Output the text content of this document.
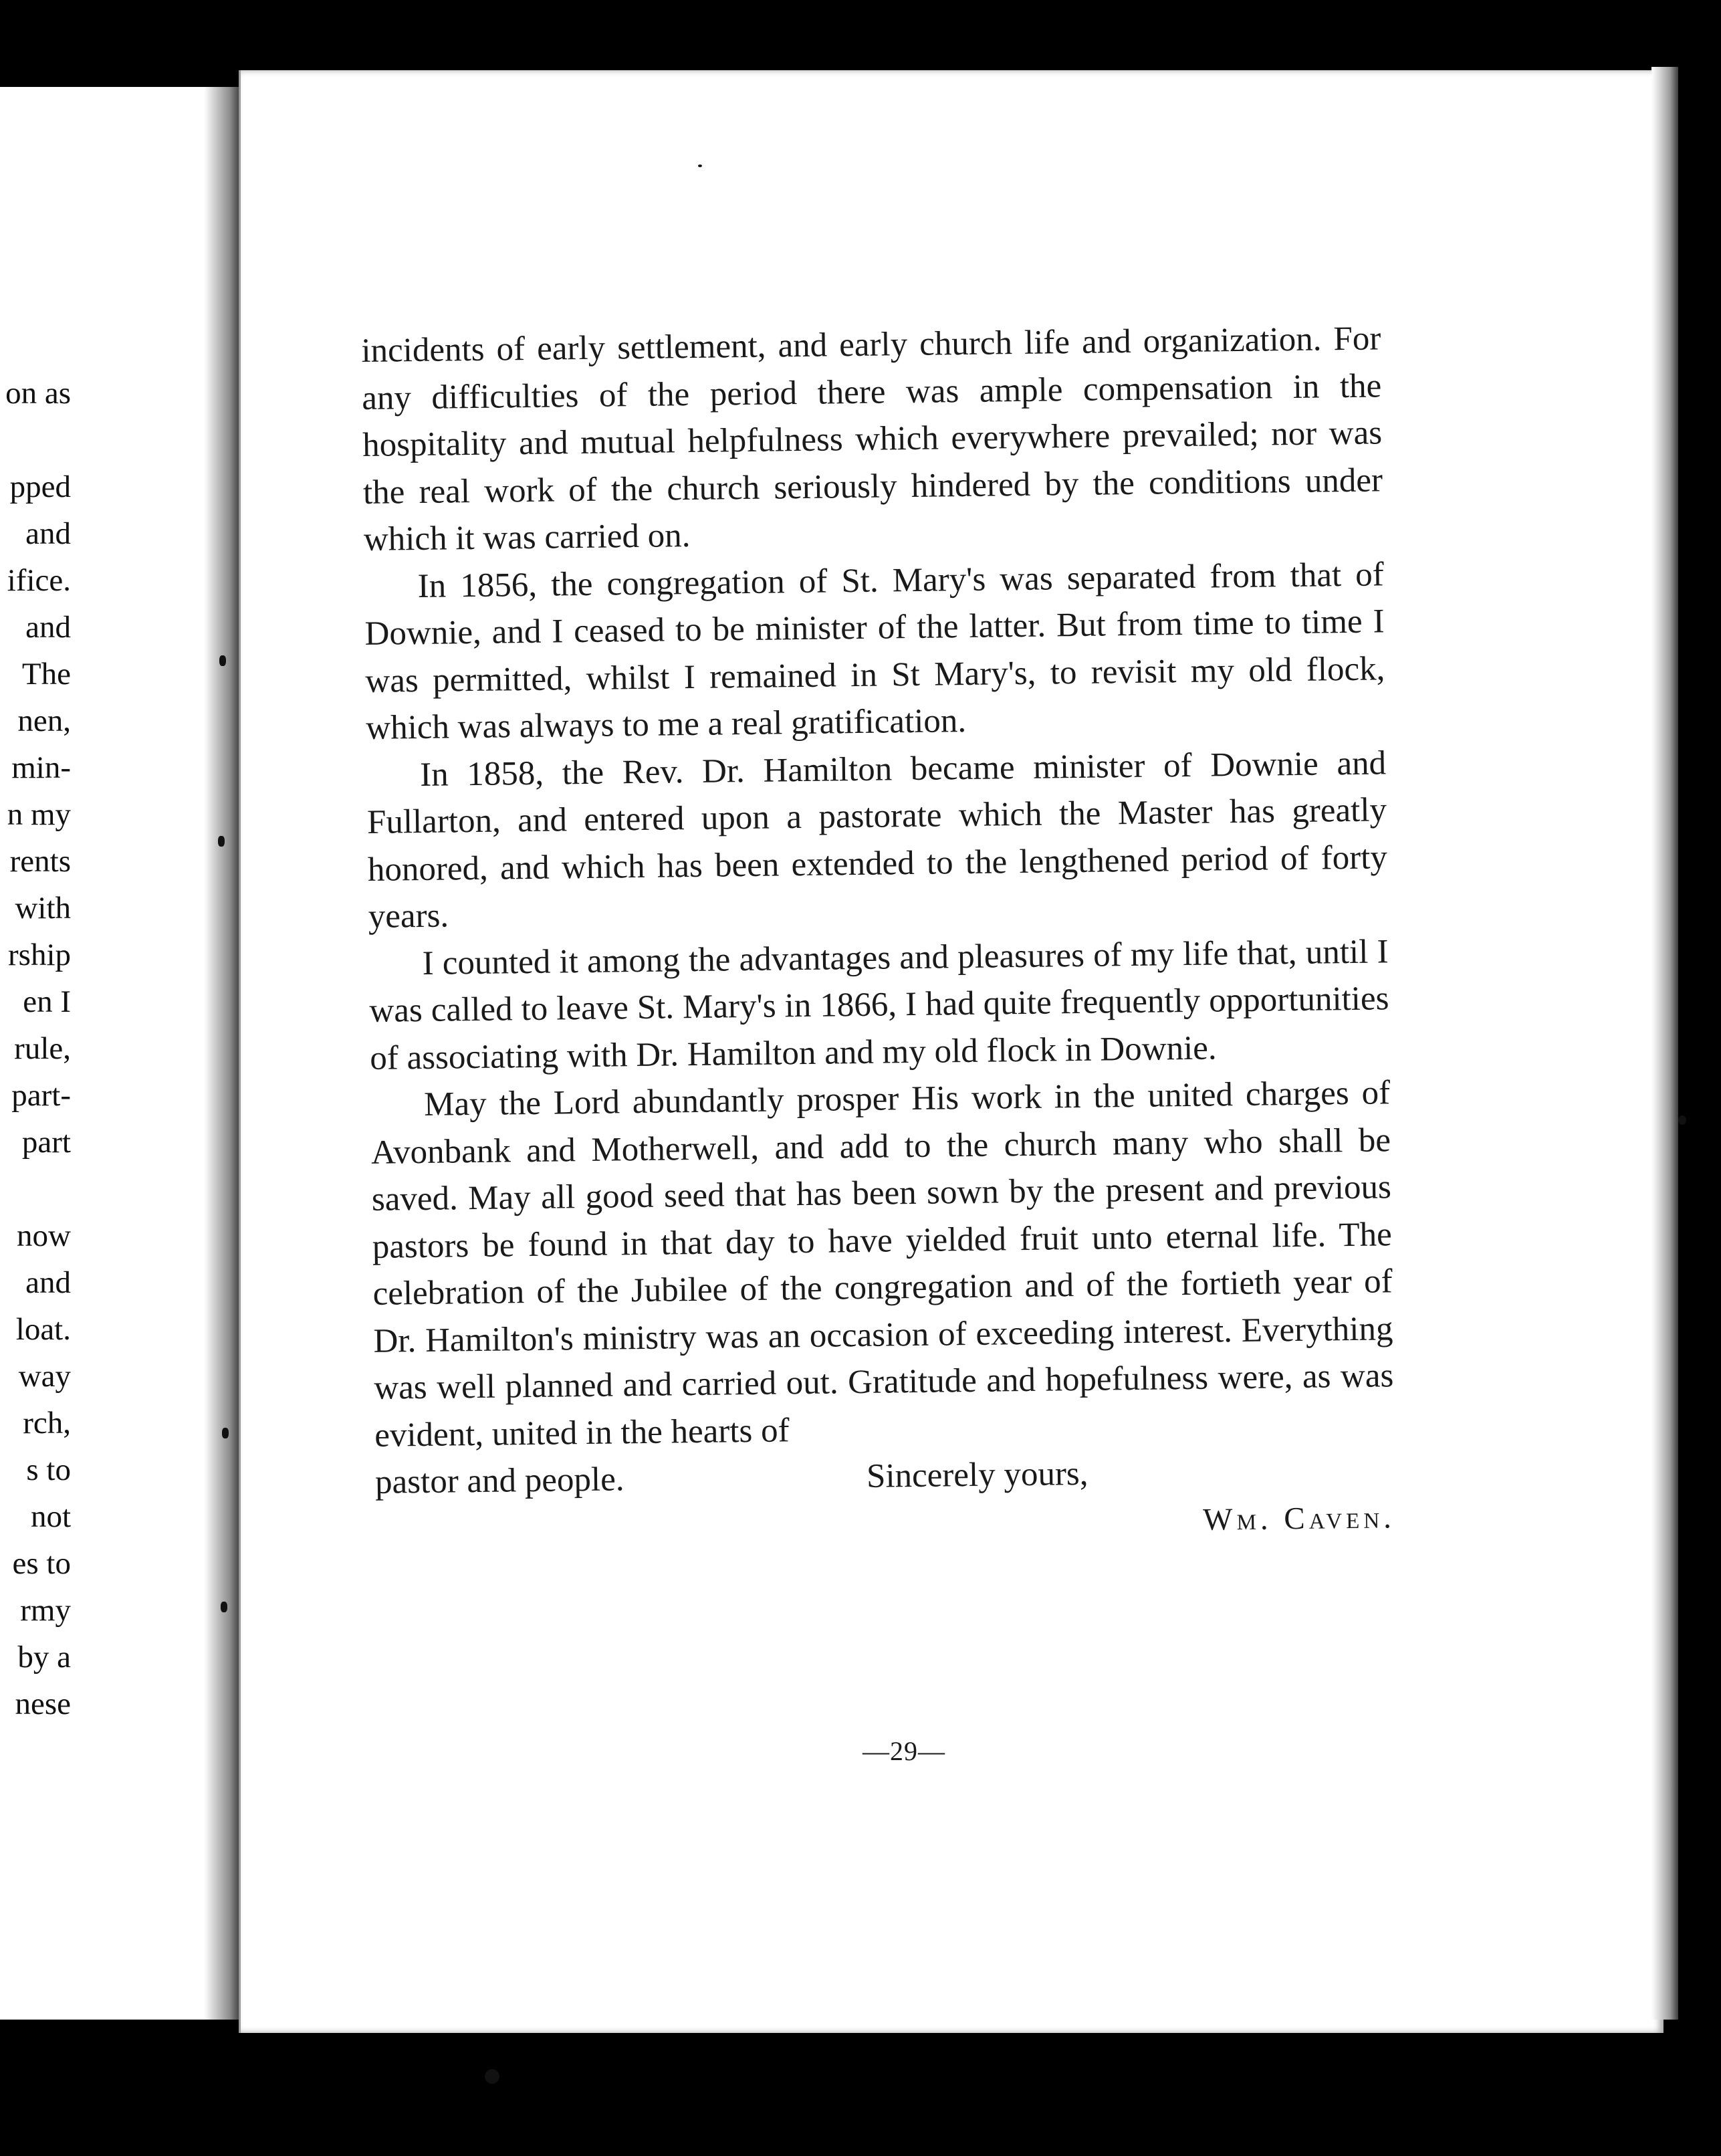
on as
pped
and
ifice.
and
The
nen,
min-
n my
rents
with
rship
en I
rule,
part-
part
now
and
loat.
way
rch,
s to
not
es to
rmy
by a
nese

incidents of early settlement, and early church life and organization. For any difficulties of the period there was ample compensation in the hospitality and mutual helpfulness which everywhere prevailed; nor was the real work of the church seriously hindered by the conditions under which it was carried on.

In 1856, the congregation of St. Mary's was separated from that of Downie, and I ceased to be minister of the latter. But from time to time I was permitted, whilst I remained in St Mary's, to revisit my old flock, which was always to me a real gratification.

In 1858, the Rev. Dr. Hamilton became minister of Downie and Fullarton, and entered upon a pastorate which the Master has greatly honored, and which has been extended to the lengthened period of forty years.

I counted it among the advantages and pleasures of my life that, until I was called to leave St. Mary's in 1866, I had quite frequently opportunities of associating with Dr. Hamilton and my old flock in Downie.

May the Lord abundantly prosper His work in the united charges of Avonbank and Motherwell, and add to the church many who shall be saved. May all good seed that has been sown by the present and previous pastors be found in that day to have yielded fruit unto eternal life. The celebration of the Jubilee of the congregation and of the fortieth year of Dr. Hamilton's ministry was an occasion of exceeding interest. Everything was well planned and carried out. Gratitude and hopefulness were, as was evident, united in the hearts of

pastor and people.	Sincerely yours,

Wm. Caven.

—29—
